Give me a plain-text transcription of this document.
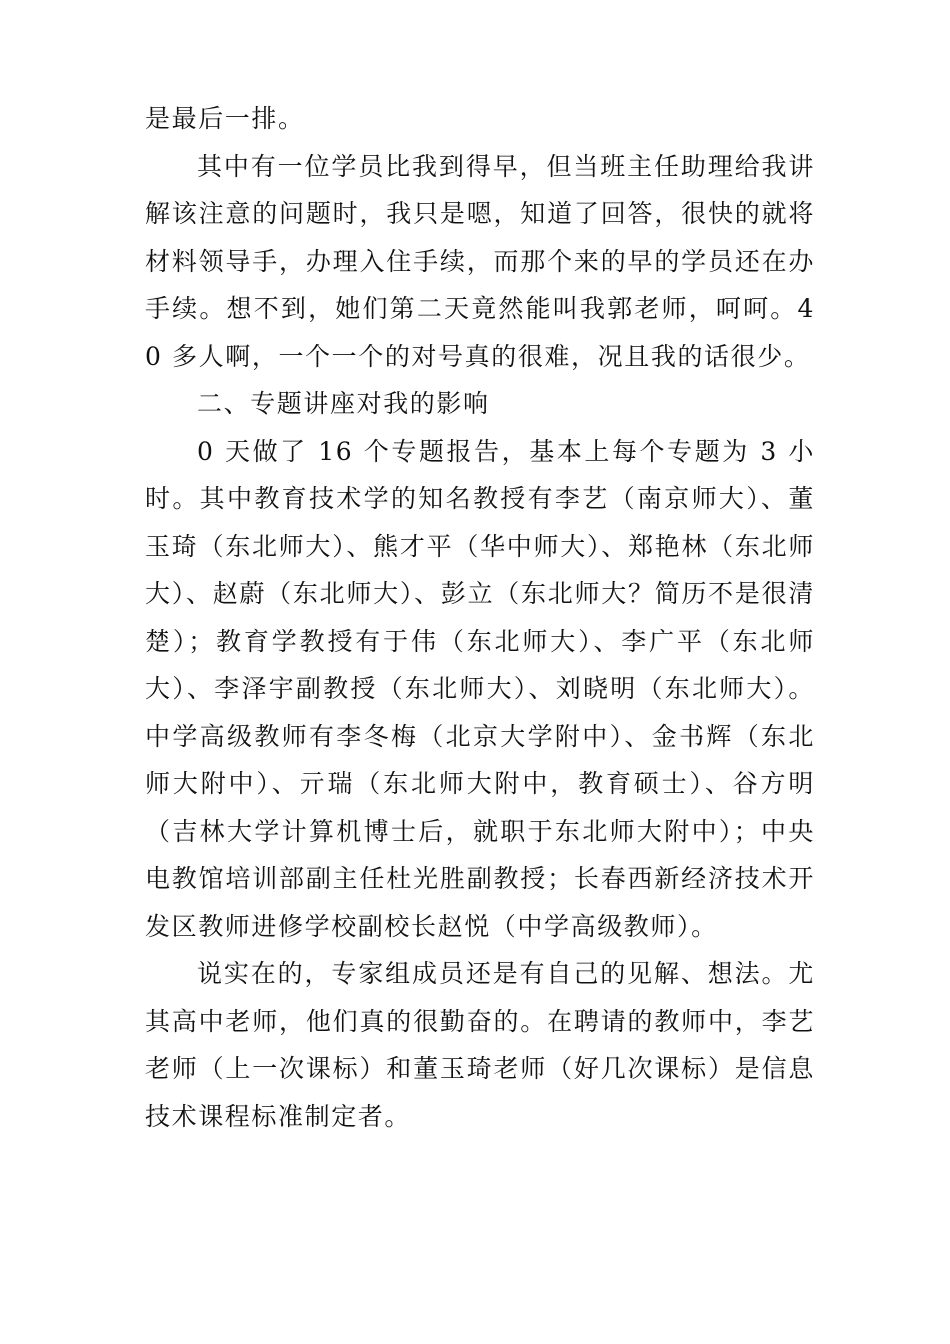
是最后一排。

其中有一位学员比我到得早，但当班主任助理给我讲解该注意的问题时，我只是嗯，知道了回答，很快的就将材料领导手，办理入住手续，而那个来的早的学员还在办手续。想不到，她们第二天竟然能叫我郭老师，呵呵。40 多人啊，一个一个的对号真的很难，况且我的话很少。

二、专题讲座对我的影响

0 天做了 16 个专题报告，基本上每个专题为 3 小时。其中教育技术学的知名教授有李艺（南京师大）、董玉琦（东北师大）、熊才平（华中师大）、郑艳林（东北师大）、赵蔚（东北师大）、彭立（东北师大？简历不是很清楚）；教育学教授有于伟（东北师大）、李广平（东北师大）、李泽宇副教授（东北师大）、刘晓明（东北师大）。中学高级教师有李冬梅（北京大学附中）、金书辉（东北师大附中）、亓瑞（东北师大附中，教育硕士）、谷方明（吉林大学计算机博士后，就职于东北师大附中）；中央电教馆培训部副主任杜光胜副教授；长春西新经济技术开发区教师进修学校副校长赵悦（中学高级教师）。

说实在的，专家组成员还是有自己的见解、想法。尤其高中老师，他们真的很勤奋的。在聘请的教师中，李艺老师（上一次课标）和董玉琦老师（好几次课标）是信息技术课程标准制定者。
